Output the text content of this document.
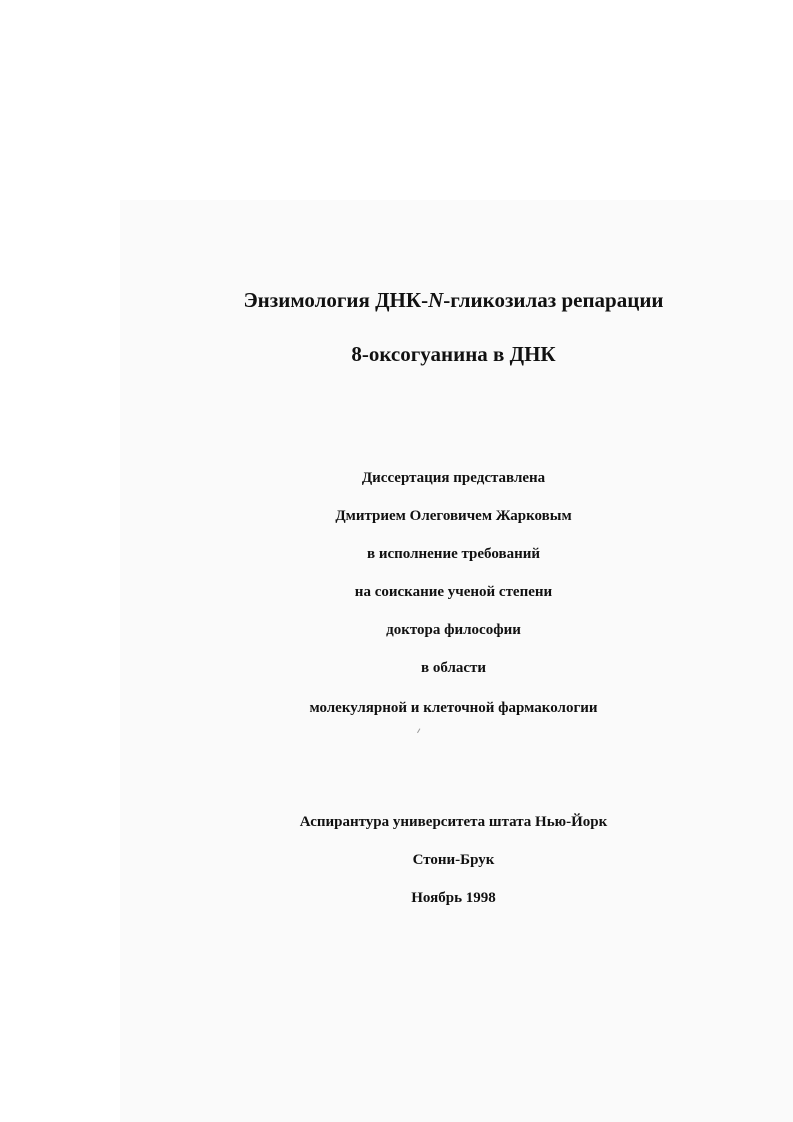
Энзимология ДНК-N-гликозилаз репарации
8-оксогуанина в ДНК
Диссертация представлена
Дмитрием Олеговичем Жарковым
в исполнение требований
на соискание ученой степени
доктора философии
в области
молекулярной и клеточной фармакологии
Аспирантура университета штата Нью-Йорк
Стони-Брук
Ноябрь 1998
